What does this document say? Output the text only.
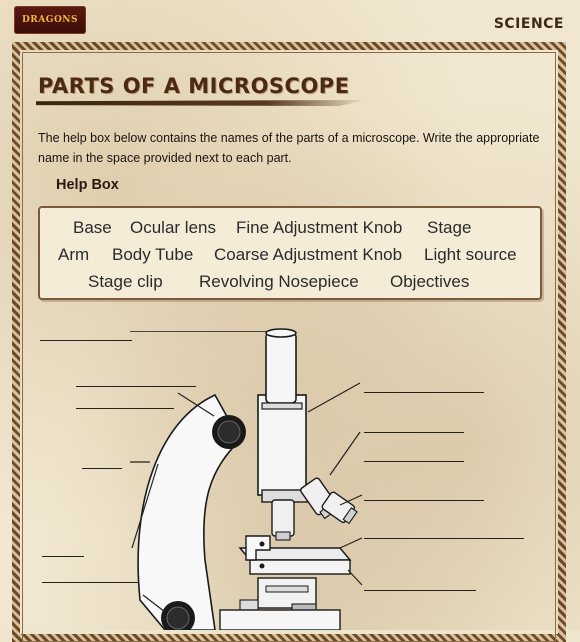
DRAGONS	SCIENCE
PARTS OF A MICROSCOPE
The help box below contains the names of the parts of a microscope. Write the appropriate name in the space provided next to each part.
Help Box
Base Ocular lens Fine Adjustment Knob Stage
Arm Body Tube Coarse Adjustment Knob Light source
Stage clip Revolving Nosepiece Objectives
